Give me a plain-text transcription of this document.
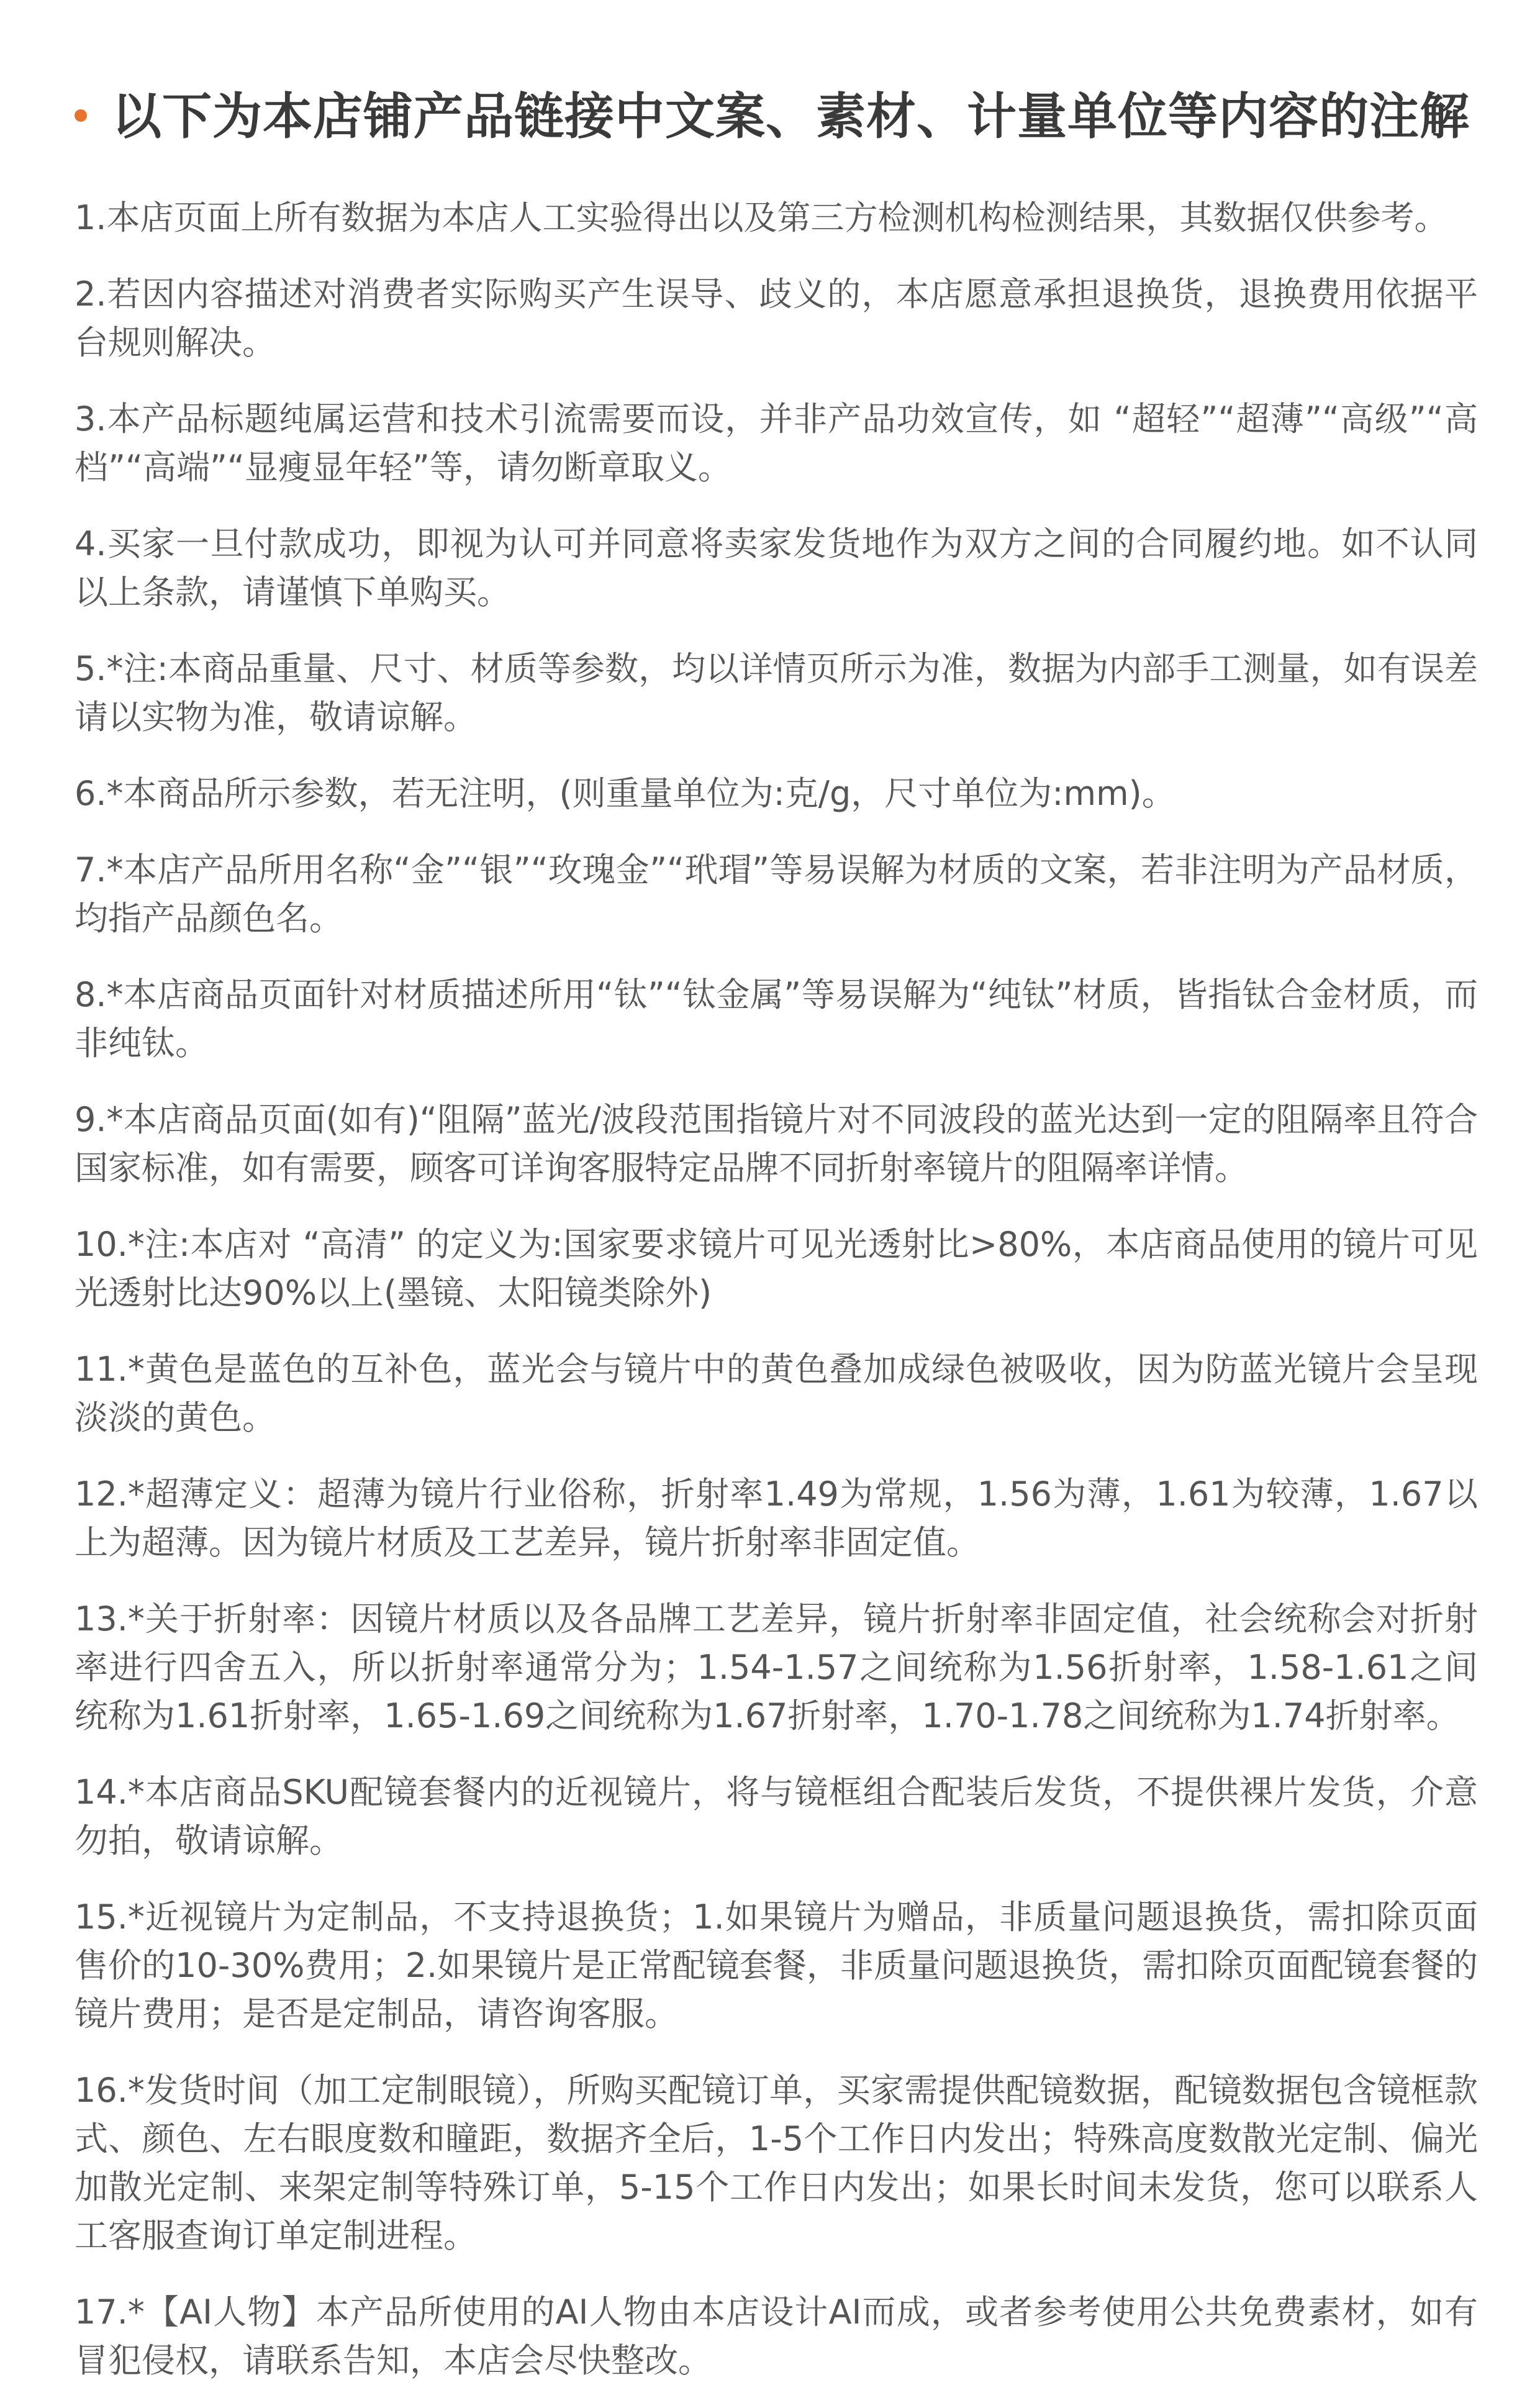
以下为本店铺产品链接中文案、素材、计量单位等内容的注解
1.本店页面上所有数据为本店人工实验得出以及第三方检测机构检测结果，其数据仅供参考。
2.若因内容描述对消费者实际购买产生误导、歧义的，本店愿意承担退换货，退换费用依据平台规则解决。
3.本产品标题纯属运营和技术引流需要而设，并非产品功效宣传，如 “超轻”“超薄”“高级”“高档”“高端”“显瘦显年轻”等，请勿断章取义。
4.买家一旦付款成功，即视为认可并同意将卖家发货地作为双方之间的合同履约地。如不认同以上条款，请谨慎下单购买。
5.*注:本商品重量、尺寸、材质等参数，均以详情页所示为准，数据为内部手工测量，如有误差请以实物为准，敬请谅解。
6.*本商品所示参数，若无注明，(则重量单位为:克/g，尺寸单位为:mm)。
7.*本店产品所用名称“金”“银”“玫瑰金”“玳瑁”等易误解为材质的文案，若非注明为产品材质，均指产品颜色名。
8.*本店商品页面针对材质描述所用“钛”“钛金属”等易误解为“纯钛”材质，皆指钛合金材质，而非纯钛。
9.*本店商品页面(如有)“阻隔”蓝光/波段范围指镜片对不同波段的蓝光达到一定的阻隔率且符合国家标准，如有需要，顾客可详询客服特定品牌不同折射率镜片的阻隔率详情。
10.*注:本店对 “高清” 的定义为:国家要求镜片可见光透射比>80%，本店商品使用的镜片可见光透射比达90%以上(墨镜、太阳镜类除外)
11.*黄色是蓝色的互补色，蓝光会与镜片中的黄色叠加成绿色被吸收，因为防蓝光镜片会呈现淡淡的黄色。
12.*超薄定义：超薄为镜片行业俗称，折射率1.49为常规，1.56为薄，1.61为较薄，1.67以上为超薄。因为镜片材质及工艺差异，镜片折射率非固定值。
13.*关于折射率：因镜片材质以及各品牌工艺差异，镜片折射率非固定值，社会统称会对折射率进行四舍五入，所以折射率通常分为；1.54-1.57之间统称为1.56折射率，1.58-1.61之间统称为1.61折射率，1.65-1.69之间统称为1.67折射率，1.70-1.78之间统称为1.74折射率。
14.*本店商品SKU配镜套餐内的近视镜片，将与镜框组合配装后发货，不提供裸片发货，介意勿拍，敬请谅解。
15.*近视镜片为定制品，不支持退换货；1.如果镜片为赠品，非质量问题退换货，需扣除页面售价的10-30%费用；2.如果镜片是正常配镜套餐，非质量问题退换货，需扣除页面配镜套餐的镜片费用；是否是定制品，请咨询客服。
16.*发货时间（加工定制眼镜），所购买配镜订单，买家需提供配镜数据，配镜数据包含镜框款式、颜色、左右眼度数和瞳距，数据齐全后，1-5个工作日内发出；特殊高度数散光定制、偏光加散光定制、来架定制等特殊订单，5-15个工作日内发出；如果长时间未发货，您可以联系人工客服查询订单定制进程。
17.*【AI人物】本产品所使用的AI人物由本店设计AI而成，或者参考使用公共免费素材，如有冒犯侵权，请联系告知，本店会尽快整改。
